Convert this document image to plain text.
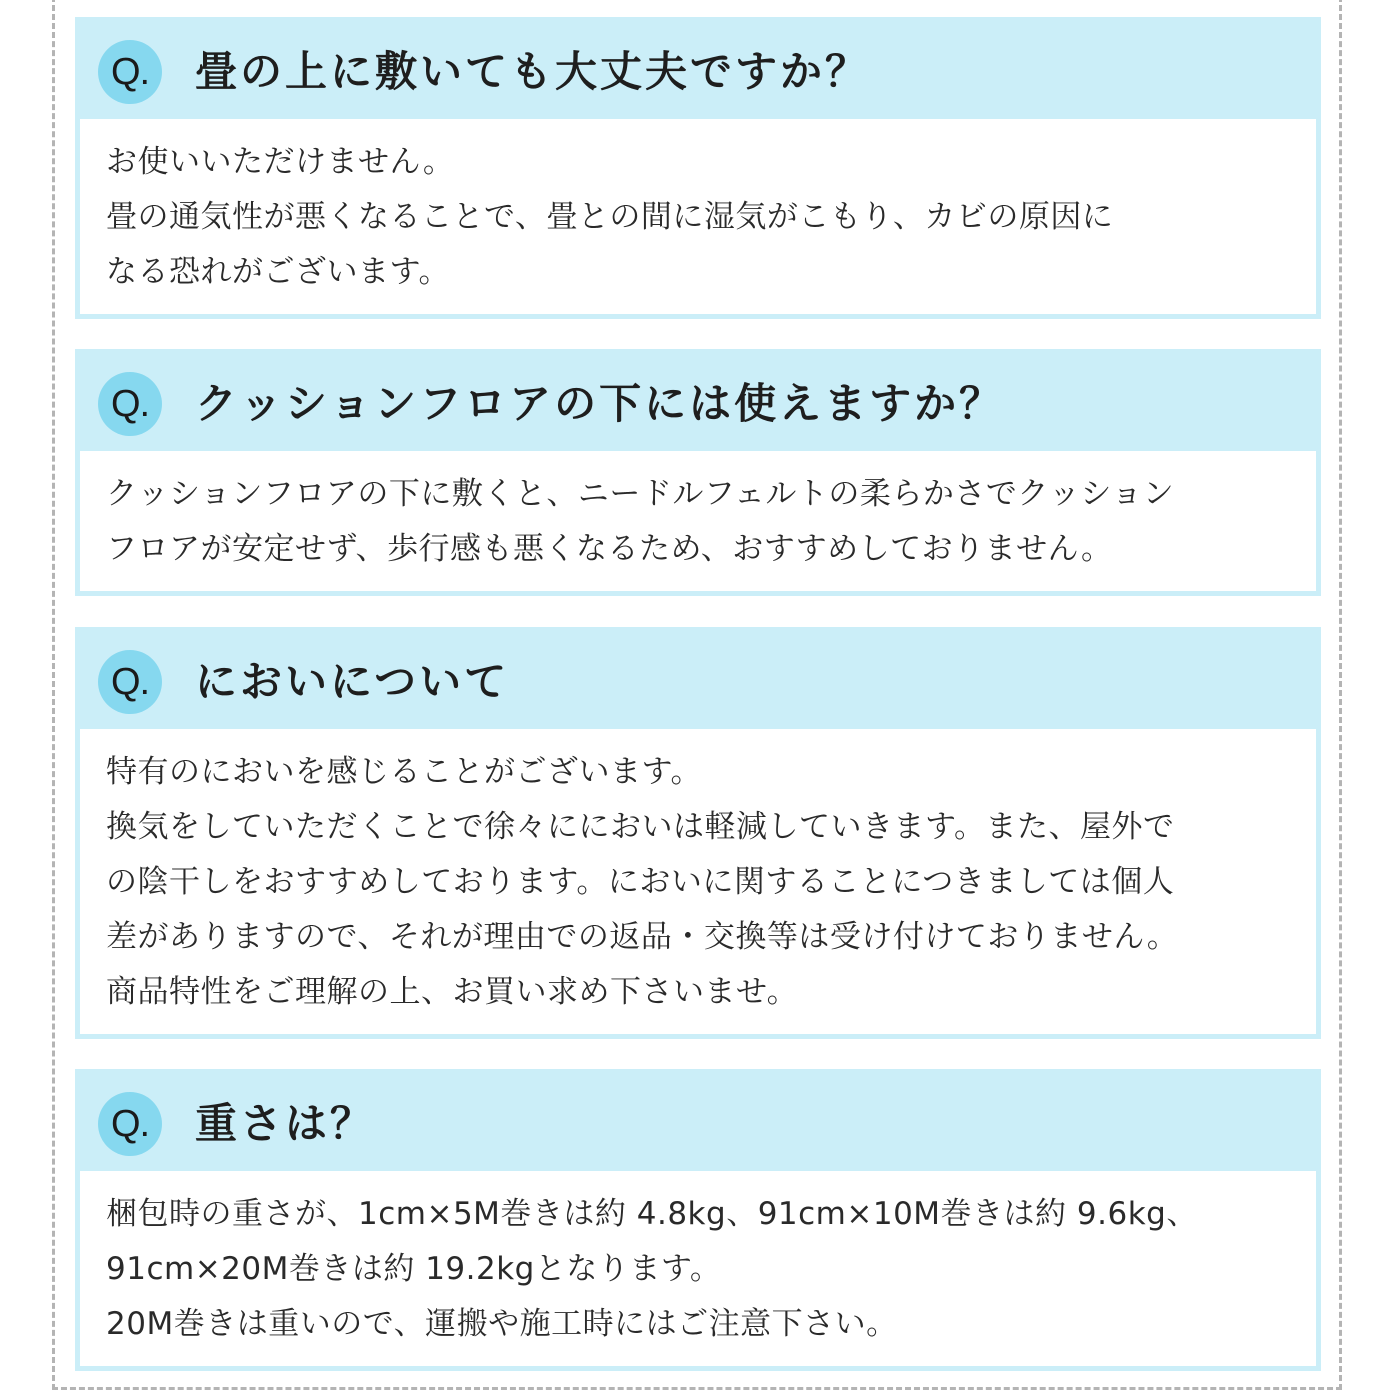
Q.	畳の上に敷いても大丈夫ですか？

お使いいただけません。

畳の通気性が悪くなることで、畳との間に湿気がこもり、カビの原因に

なる恐れがございます。

Q.	クッションフロアの下には使えますか？

クッションフロアの下に敷くと、ニードルフェルトの柔らかさでクッション

フロアが安定せず、歩行感も悪くなるため、おすすめしておりません。

Q.	においについて

特有のにおいを感じることがございます。

換気をしていただくことで徐々ににおいは軽減していきます。また、屋外で

の陰干しをおすすめしております。においに関することにつきましては個人

差がありますので、それが理由での返品・交換等は受け付けておりません。

商品特性をご理解の上、お買い求め下さいませ。

Q.	重さは？

梱包時の重さが、1cm×5M巻きは約 4.8kg、91cm×10M巻きは約 9.6kg、

91cm×20M巻きは約 19.2kgとなります。

20M巻きは重いので、運搬や施工時にはご注意下さい。
